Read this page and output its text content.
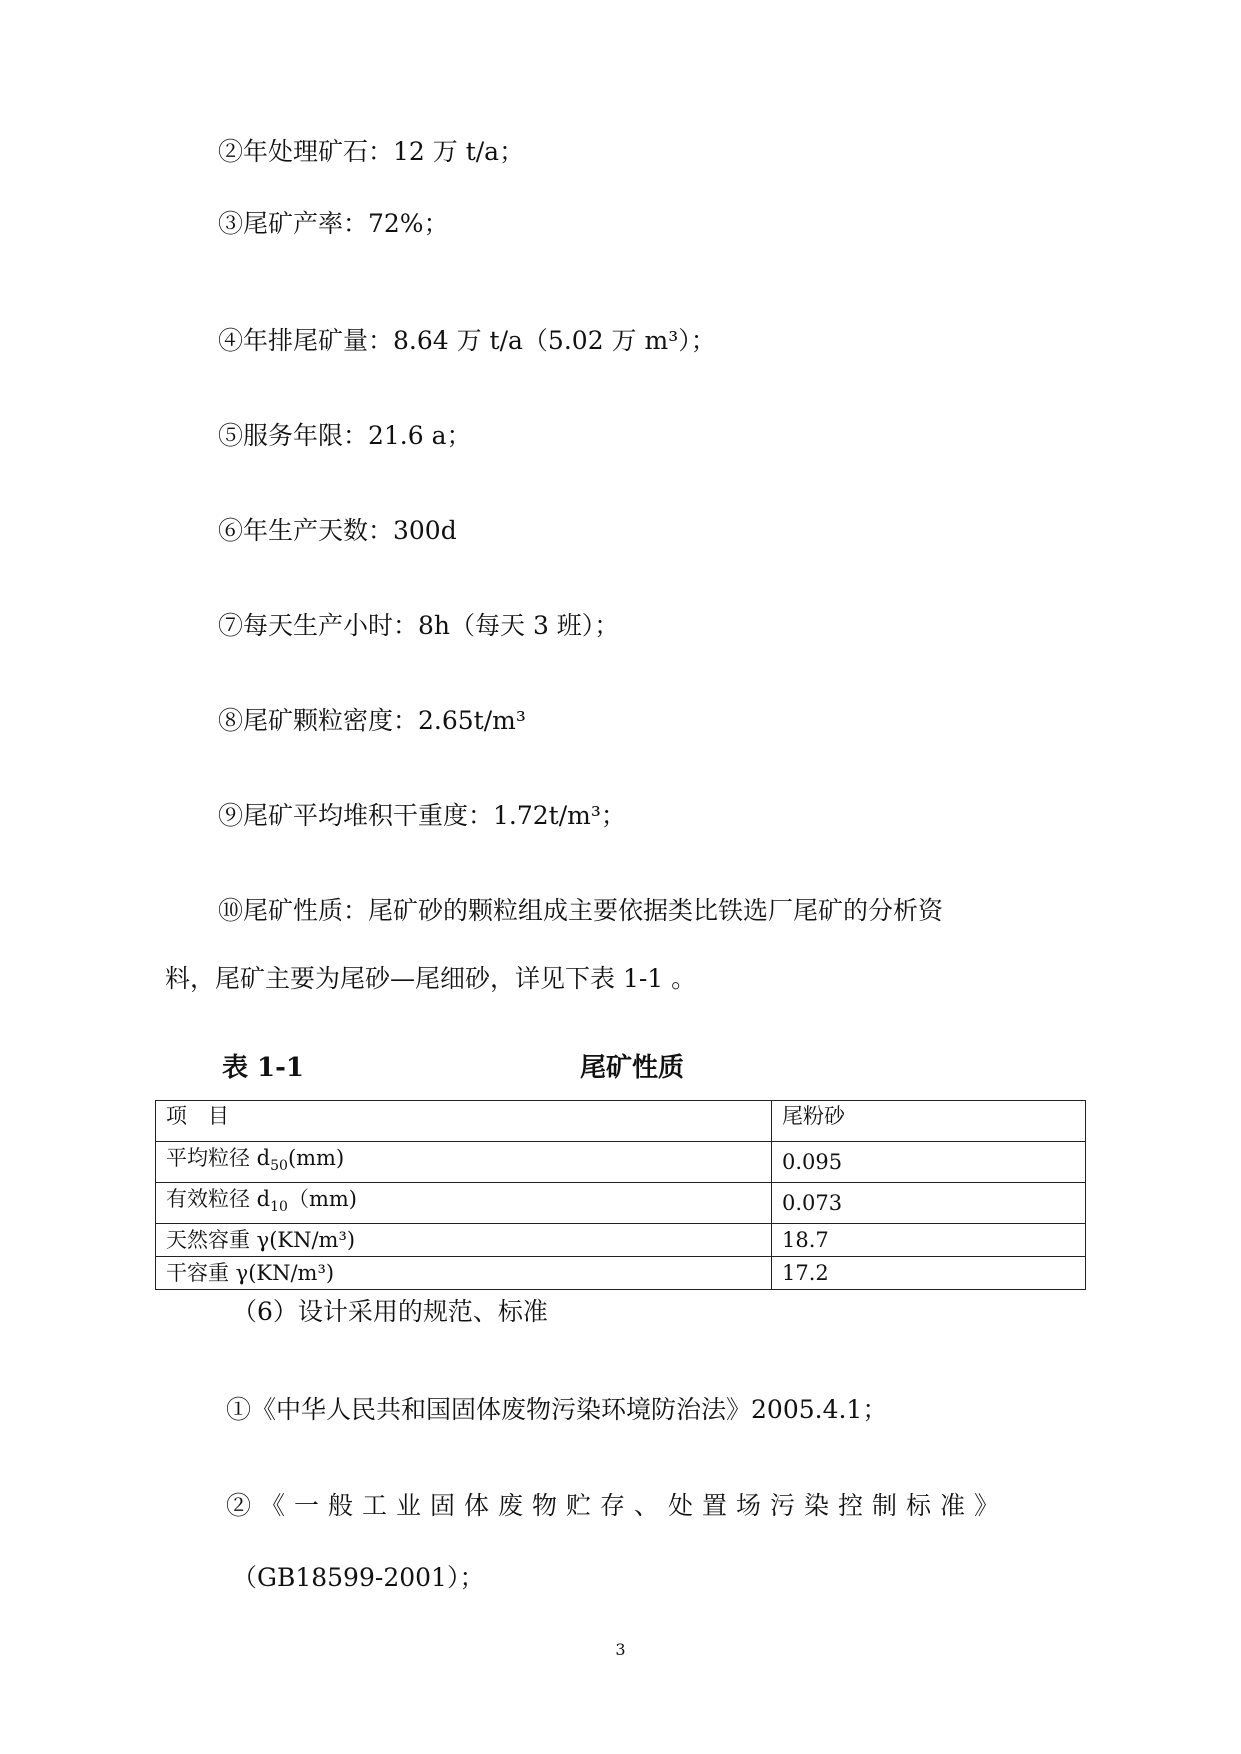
②年处理矿石：12 万 t/a；
③尾矿产率：72%；
④年排尾矿量：8.64 万 t/a（5.02 万 m³）；
⑤服务年限：21.6 a；
⑥年生产天数：300d
⑦每天生产小时：8h（每天 3 班）；
⑧尾矿颗粒密度：2.65t/m³
⑨尾矿平均堆积干重度：1.72t/m³；
⑩尾矿性质：尾矿砂的颗粒组成主要依据类比铁选厂尾矿的分析资
料，尾矿主要为尾砂—尾细砂，详见下表 1-1 。
表 1-1	尾矿性质
项　目	尾粉砂
平均粒径 $d_{50}(mm)$	0.095
有效粒径 $d_{10}(mm)$	0.073
天然容重 γ(KN/m³)	18.7
干容重 γ(KN/m³)	17.2
（6）设计采用的规范、标准
①《中华人民共和国固体废物污染环境防治法》2005.4.1；
②《一般工业固体废物贮存、处置场污染控制标准》
（GB18599-2001）；
3
